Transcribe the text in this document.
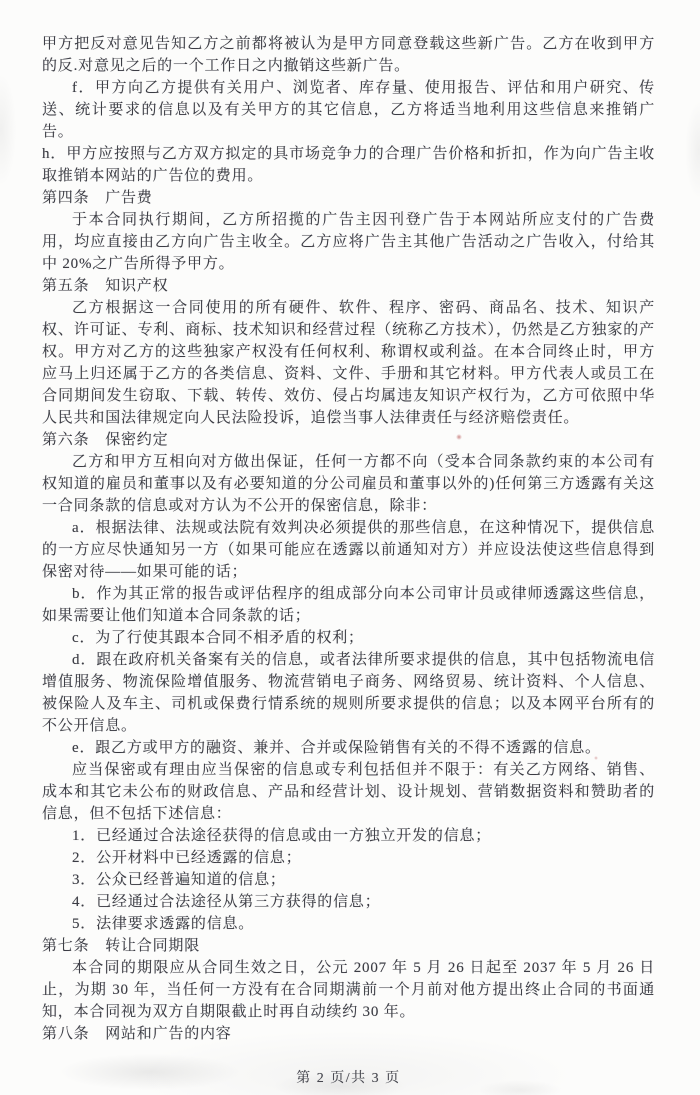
甲方把反对意见告知乙方之前都将被认为是甲方同意登载这些新广告。乙方在收到甲方的反.对意见之后的一个工作日之内撤销这些新广告。

f．甲方向乙方提供有关用户、浏览者、库存量、使用报告、评估和用户研究、传送、统计要求的信息以及有关甲方的其它信息，乙方将适当地利用这些信息来推销广告。

h．甲方应按照与乙方双方拟定的具市场竞争力的合理广告价格和折扣，作为向广告主收取推销本网站的广告位的费用。

第四条　广告费

于本合同执行期间，乙方所招揽的广告主因刊登广告于本网站所应支付的广告费用，均应直接由乙方向广告主收全。乙方应将广告主其他广告活动之广告收入，付给其中 20%之广告所得予甲方。

第五条　知识产权

乙方根据这一合同使用的所有硬件、软件、程序、密码、商品名、技术、知识产权、许可证、专利、商标、技术知识和经营过程（统称乙方技术），仍然是乙方独家的产权。甲方对乙方的这些独家产权没有任何权利、称谓权或利益。在本合同终止时，甲方应马上归还属于乙方的各类信息、资料、文件、手册和其它材料。甲方代表人或员工在合同期间发生窃取、下载、转传、效仿、侵占均属违友知识产权行为，乙方可依照中华人民共和国法律规定向人民法险投诉，追偿当事人法律责任与经济赔偿责任。

第六条　保密约定

乙方和甲方互相向对方做出保证，任何一方都不向（受本合同条款约束的本公司有权知道的雇员和董事以及有必要知道的分公司雇员和董事以外的)任何第三方透露有关这一合同条款的信息或对方认为不公开的保密信息，除非：

a．根据法律、法规或法院有效判决必须提供的那些信息，在这种情况下，提供信息的一方应尽快通知另一方（如果可能应在透露以前通知对方）并应设法使这些信息得到保密对待——如果可能的话；

b．作为其正常的报告或评估程序的组成部分向本公司审计员或律师透露这些信息，如果需要让他们知道本合同条款的话；

c．为了行使其跟本合同不相矛盾的权利；

d．跟在政府机关备案有关的信息，或者法律所要求提供的信息，其中包括物流电信增值服务、物流保险增值服务、物流营销电子商务、网络贸易、统计资料、个人信息、被保险人及车主、司机或保费行情系统的规则所要求提供的信息；以及本网平台所有的不公开信息。

e．跟乙方或甲方的融资、兼并、合并或保险销售有关的不得不透露的信息。

应当保密或有理由应当保密的信息或专利包括但并不限于：有关乙方网络、销售、成本和其它未公布的财政信息、产品和经营计划、设计规划、营销数据资料和赞助者的信息，但不包括下述信息：

1．已经通过合法途径获得的信息或由一方独立开发的信息；

2．公开材料中已经透露的信息；

3．公众已经普遍知道的信息；

4．已经通过合法途径从第三方获得的信息；

5．法律要求透露的信息。

第七条　转让合同期限

本合同的期限应从合同生效之日，公元 2007 年 5 月 26 日起至 2037 年 5 月 26 日止，为期 30 年，当任何一方没有在合同期满前一个月前对他方提出终止合同的书面通知，本合同视为双方自期限截止时再自动续约 30 年。

第八条　网站和广告的内容

第 2 页/共 3 页
